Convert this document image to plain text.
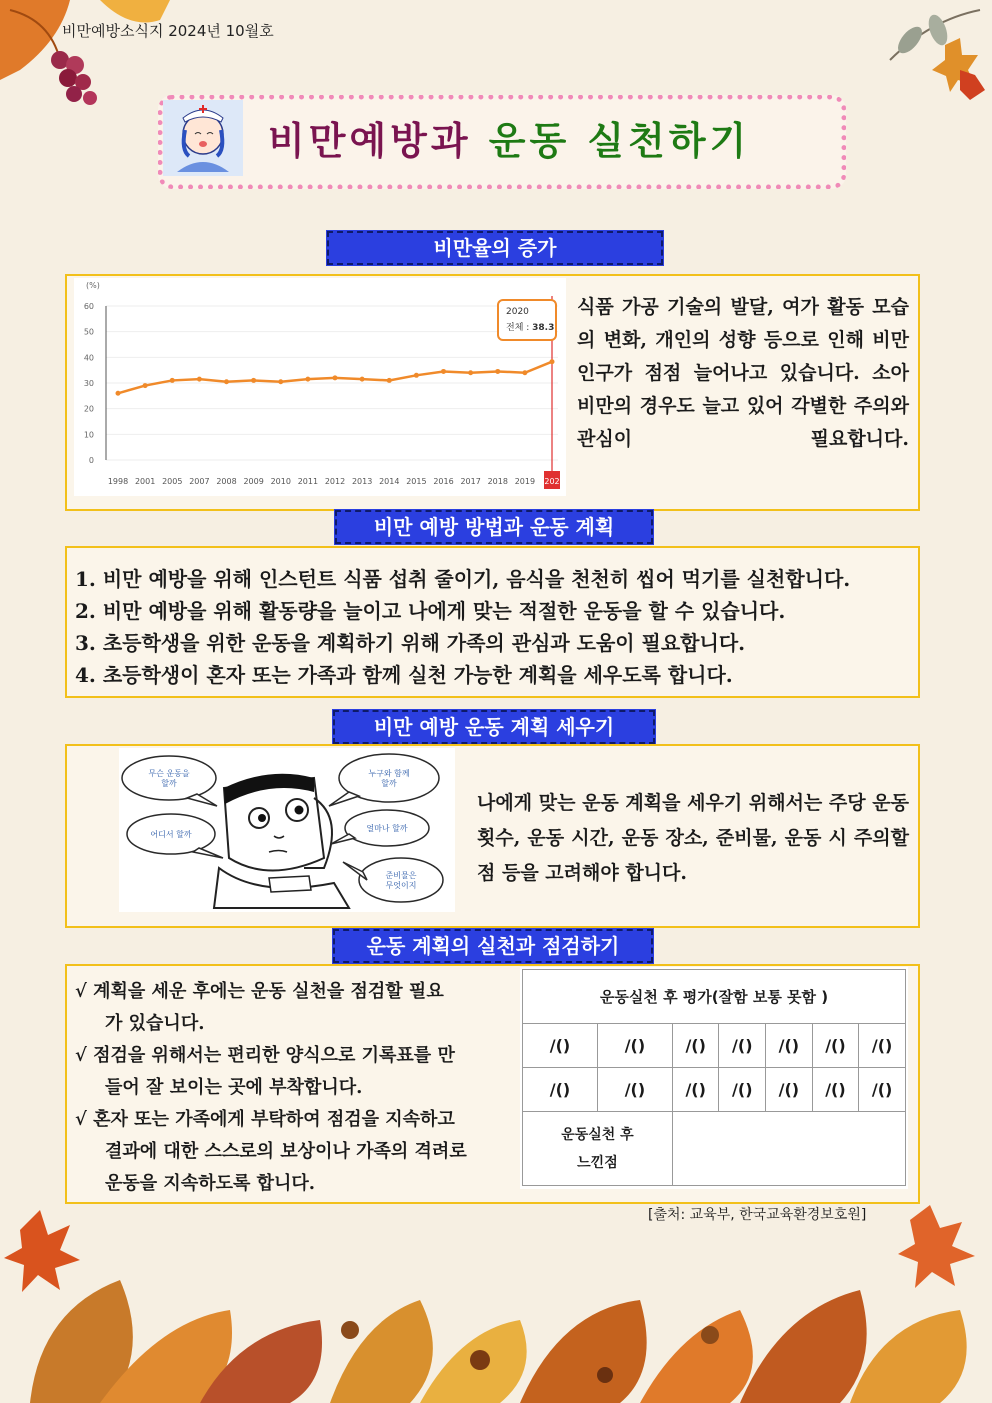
비만예방소식지 2024년 10월호
비만예방과 운동 실천하기
비만율의 증가
(%)
0
10
20
30
40
50
60
1998 2001 2005 2007 2008 2009 2010 2011 2012 2013 2014 2015 2016 2017 2018 2019 202
2020
전체 : 38.3
식품 가공 기술의 발달, 여가 활동 모습의 변화, 개인의 성향 등으로 인해 비만 인구가 점점 늘어나고 있습니다. 소아 비만의 경우도 늘고 있어 각별한 주의와 관심이 필요합니다.
비만 예방 방법과 운동 계획
1. 비만 예방을 위해 인스턴트 식품 섭취 줄이기, 음식을 천천히 씹어 먹기를 실천합니다.
2. 비만 예방을 위해 활동량을 늘이고 나에게 맞는 적절한 운동을 할 수 있습니다.
3. 초등학생을 위한 운동을 계획하기 위해 가족의 관심과 도움이 필요합니다.
4. 초등학생이 혼자 또는 가족과 함께 실천 가능한 계획을 세우도록 합니다.
비만 예방 운동 계획 세우기
무슨 운동을 할까
누구와 함께 할까
얼마나 할까
어디서 할까
준비물은 무엇이지
나에게 맞는 운동 계획을 세우기 위해서는 주당 운동 횟수, 운동 시간, 운동 장소, 준비물, 운동 시 주의할 점 등을 고려해야 합니다.
운동 계획의 실천과 점검하기
√ 계획을 세운 후에는 운동 실천을 점검할 필요
가 있습니다.
√ 점검을 위해서는 편리한 양식으로 기록표를 만
들어 잘 보이는 곳에 부착합니다.
√ 혼자 또는 가족에게 부탁하여 점검을 지속하고
결과에 대한 스스로의 보상이나 가족의 격려로
운동을 지속하도록 합니다.
운동실천 후 평가(잘함 보통 못함 )						
/()	/()	/()	/()	/()	/()	/()
/()	/()	/()	/()	/()	/()	/()
운동실천 후
느낀점						
[출처: 교육부, 한국교육환경보호원]
